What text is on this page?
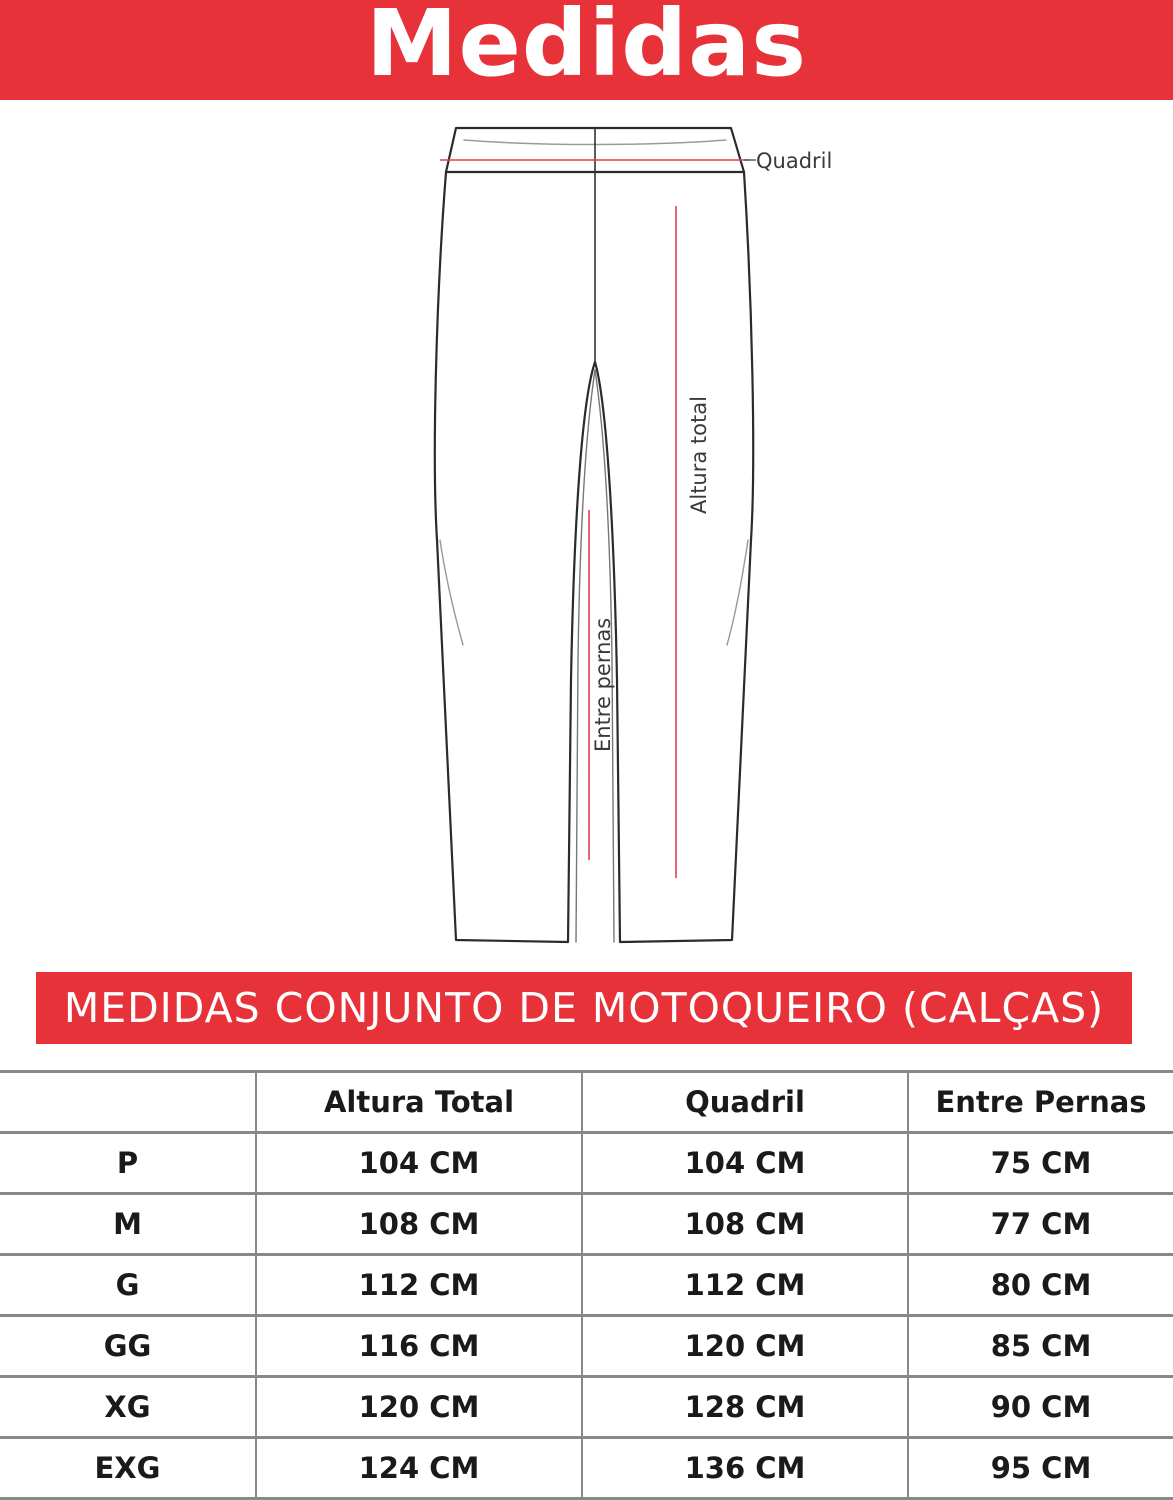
Medidas
Quadril
Altura total
Entre pernas
MEDIDAS CONJUNTO DE MOTOQUEIRO (CALÇAS)
	Altura Total	Quadril	Entre Pernas
P	104 CM	104 CM	75 CM
M	108 CM	108 CM	77 CM
G	112 CM	112 CM	80 CM
GG	116 CM	120 CM	85 CM
XG	120 CM	128 CM	90 CM
EXG	124 CM	136 CM	95 CM
